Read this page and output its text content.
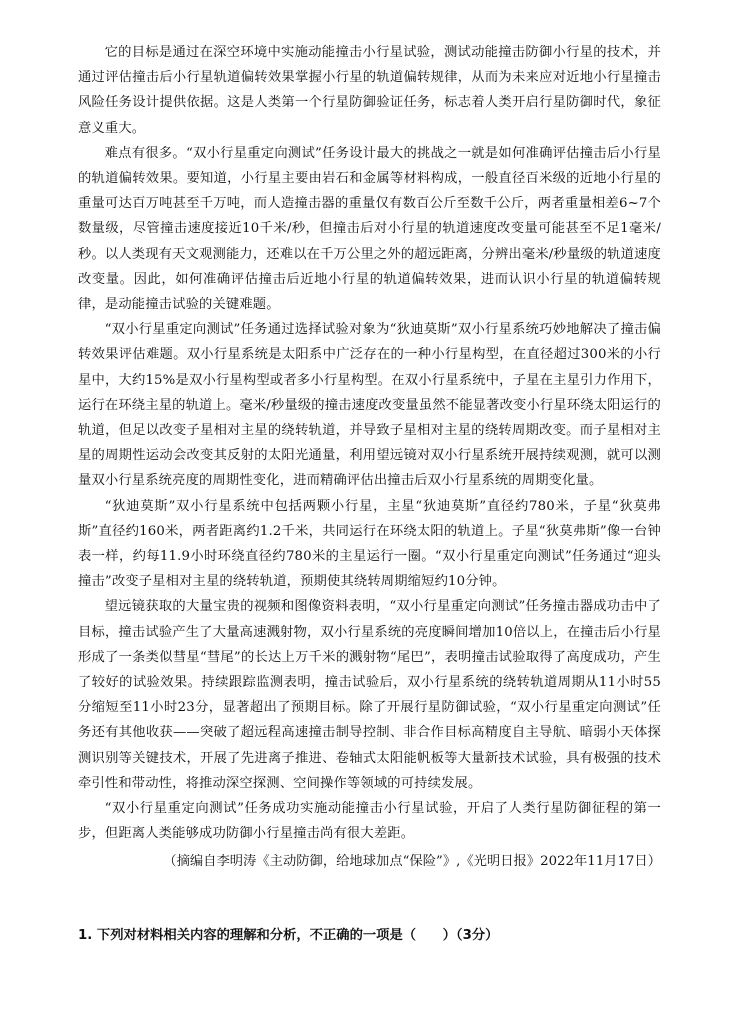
它的目标是通过在深空环境中实施动能撞击小行星试验，测试动能撞击防御小行星的技术，并通过评估撞击后小行星轨道偏转效果掌握小行星的轨道偏转规律，从而为未来应对近地小行星撞击风险任务设计提供依据。这是人类第一个行星防御验证任务，标志着人类开启行星防御时代，象征意义重大。

难点有很多。“双小行星重定向测试”任务设计最大的挑战之一就是如何准确评估撞击后小行星的轨道偏转效果。要知道，小行星主要由岩石和金属等材料构成，一般直径百米级的近地小行星的重量可达百万吨甚至千万吨，而人造撞击器的重量仅有数百公斤至数千公斤，两者重量相差6~7个数量级，尽管撞击速度接近10千米/秒，但撞击后对小行星的轨道速度改变量可能甚至不足1毫米/秒。以人类现有天文观测能力，还难以在千万公里之外的超远距离，分辨出毫米/秒量级的轨道速度改变量。因此，如何准确评估撞击后近地小行星的轨道偏转效果，进而认识小行星的轨道偏转规律，是动能撞击试验的关键难题。

“双小行星重定向测试”任务通过选择试验对象为“狄迪莫斯”双小行星系统巧妙地解决了撞击偏转效果评估难题。双小行星系统是太阳系中广泛存在的一种小行星构型，在直径超过300米的小行星中，大约15%是双小行星构型或者多小行星构型。在双小行星系统中，子星在主星引力作用下，运行在环绕主星的轨道上。毫米/秒量级的撞击速度改变量虽然不能显著改变小行星环绕太阳运行的轨道，但足以改变子星相对主星的绕转轨道，并导致子星相对主星的绕转周期改变。而子星相对主星的周期性运动会改变其反射的太阳光通量，利用望远镜对双小行星系统开展持续观测，就可以测量双小行星系统亮度的周期性变化，进而精确评估出撞击后双小行星系统的周期变化量。

“狄迪莫斯”双小行星系统中包括两颗小行星，主星“狄迪莫斯”直径约780米，子星“狄莫弗斯”直径约160米，两者距离约1.2千米，共同运行在环绕太阳的轨道上。子星“狄莫弗斯”像一台钟表一样，约每11.9小时环绕直径约780米的主星运行一圈。“双小行星重定向测试”任务通过“迎头撞击”改变子星相对主星的绕转轨道，预期使其绕转周期缩短约10分钟。

望远镜获取的大量宝贵的视频和图像资料表明，“双小行星重定向测试”任务撞击器成功击中了目标，撞击试验产生了大量高速溅射物，双小行星系统的亮度瞬间增加10倍以上，在撞击后小行星形成了一条类似彗星“彗尾”的长达上万千米的溅射物“尾巴”，表明撞击试验取得了高度成功，产生了较好的试验效果。持续跟踪监测表明，撞击试验后，双小行星系统的绕转轨道周期从11小时55分缩短至11小时23分，显著超出了预期目标。除了开展行星防御试验，“双小行星重定向测试”任务还有其他收获——突破了超远程高速撞击制导控制、非合作目标高精度自主导航、暗弱小天体探测识别等关键技术，开展了先进离子推进、卷轴式太阳能帆板等大量新技术试验，具有极强的技术牵引性和带动性，将推动深空探测、空间操作等领域的可持续发展。

“双小行星重定向测试”任务成功实施动能撞击小行星试验，开启了人类行星防御征程的第一步，但距离人类能够成功防御小行星撞击尚有很大差距。

（摘编自李明涛《主动防御，给地球加点“保险”》,《光明日报》2022年11月17日）

1. 下列对材料相关内容的理解和分析，不正确的一项是（　　）（3分）
